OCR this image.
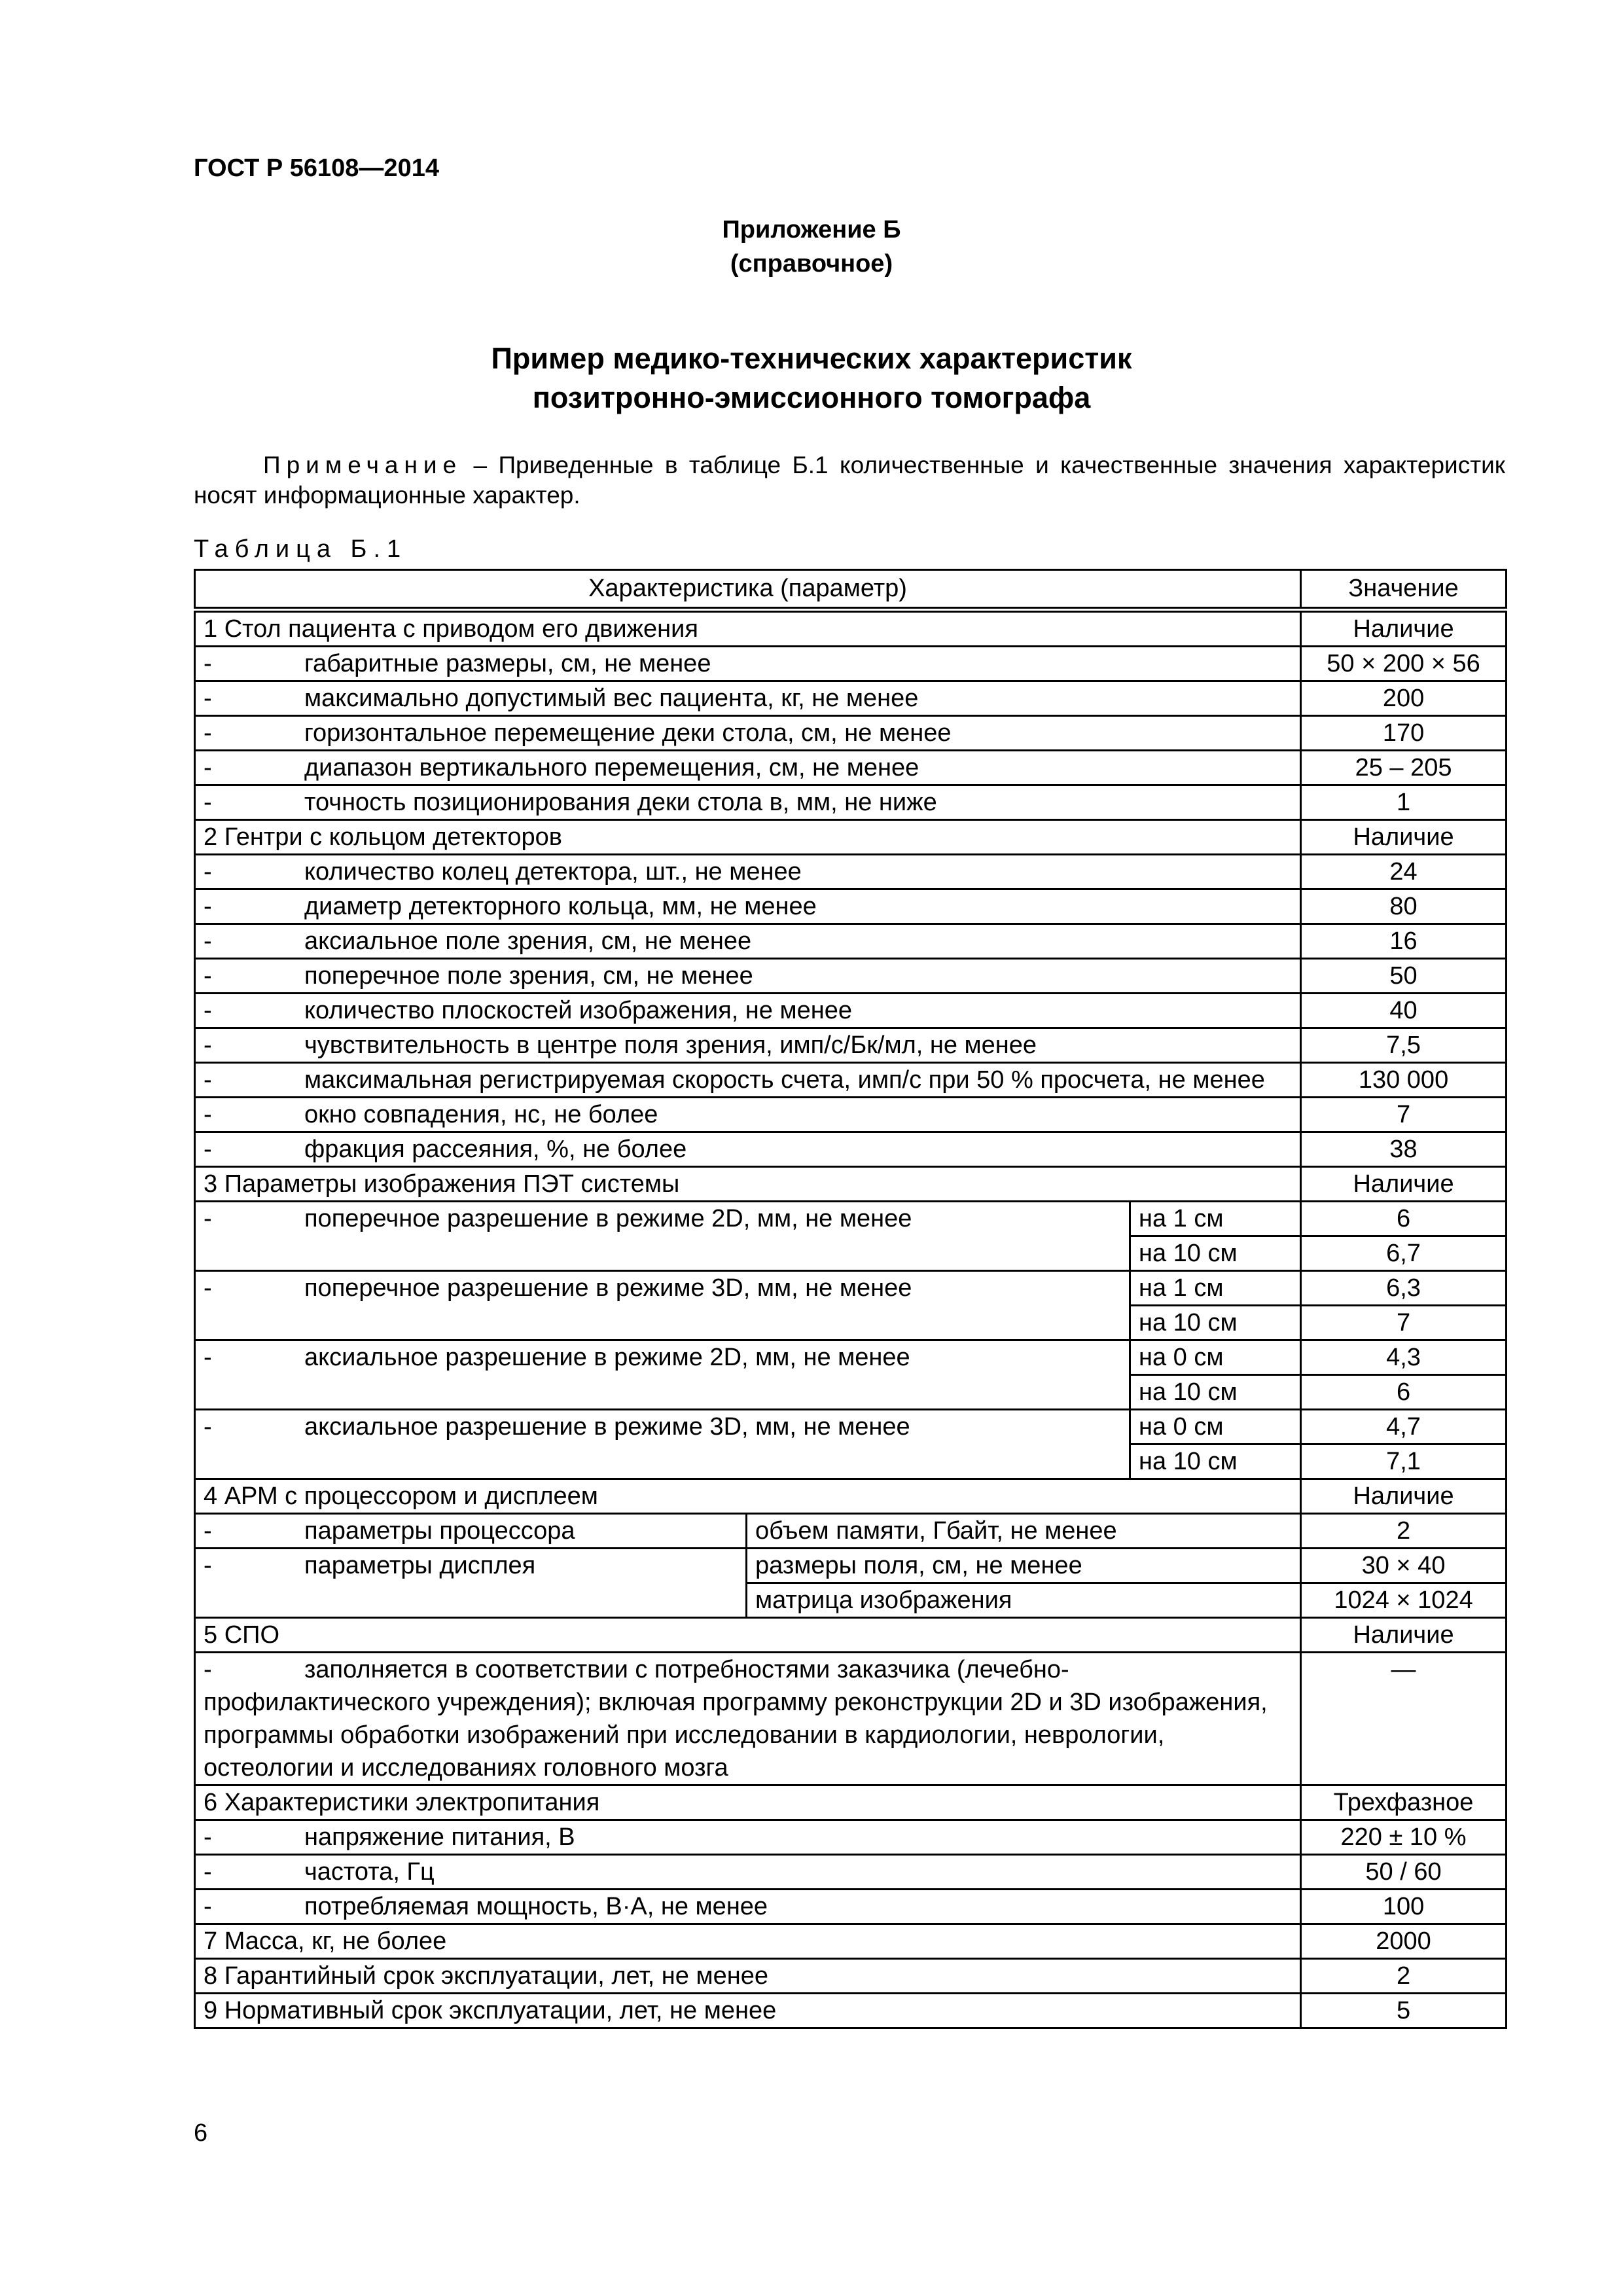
ГОСТ Р 56108—2014
Приложение Б
(справочное)
Пример медико-технических характеристик
позитронно-эмиссионного томографа
Примечание – Приведенные в таблице Б.1 количественные и качественные значения характеристик носят информационные характер.
Таблица Б.1
Характеристика (параметр)			Значение
1 Стол пациента с приводом его движения			Наличие
- габаритные размеры, см, не менее			50 × 200 × 56
- максимально допустимый вес пациента, кг, не менее			200
- горизонтальное перемещение деки стола, см, не менее			170
- диапазон вертикального перемещения, см, не менее			25 – 205
- точность позиционирования деки стола в, мм, не ниже			1
2 Гентри с кольцом детекторов			Наличие
- количество колец детектора, шт., не менее			24
- диаметр детекторного кольца, мм, не менее			80
- аксиальное поле зрения, см, не менее			16
- поперечное поле зрения, см, не менее			50
- количество плоскостей изображения, не менее			40
- чувствительность в центре поля зрения, имп/с/Бк/мл, не менее			7,5
- максимальная регистрируемая скорость счета, имп/с при 50 % просчета, не менее			130 000
- окно совпадения, нс, не более			7
- фракция рассеяния, %, не более			38
3 Параметры изображения ПЭТ системы			Наличие
- поперечное разрешение в режиме 2D, мм, не менее		на 1 см	6
		на 10 см	6,7
- поперечное разрешение в режиме 3D, мм, не менее		на 1 см	6,3
		на 10 см	7
- аксиальное разрешение в режиме 2D, мм, не менее		на 0 см	4,3
		на 10 см	6
- аксиальное разрешение в режиме 3D, мм, не менее		на 0 см	4,7
		на 10 см	7,1
4 АРМ с процессором и дисплеем			Наличие
- параметры процессора	объем памяти, Гбайт, не менее		2
- параметры дисплея	размеры поля, см, не менее		30 × 40
	матрица изображения		1024 × 1024
5 СПО			Наличие
- заполняется в соответствии с потребностями заказчика (лечебно-профилактического учреждения); включая программу реконструкции 2D и 3D изображения, программы обработки изображений при исследовании в кардиологии, неврологии, остеологии и исследованиях головного мозга			—
6 Характеристики электропитания			Трехфазное
- напряжение питания, В			220 ± 10 %
- частота, Гц			50 / 60
- потребляемая мощность, В·А, не менее			100
7 Масса, кг, не более			2000
8 Гарантийный срок эксплуатации, лет, не менее			2
9 Нормативный срок эксплуатации, лет, не менее			5
6
